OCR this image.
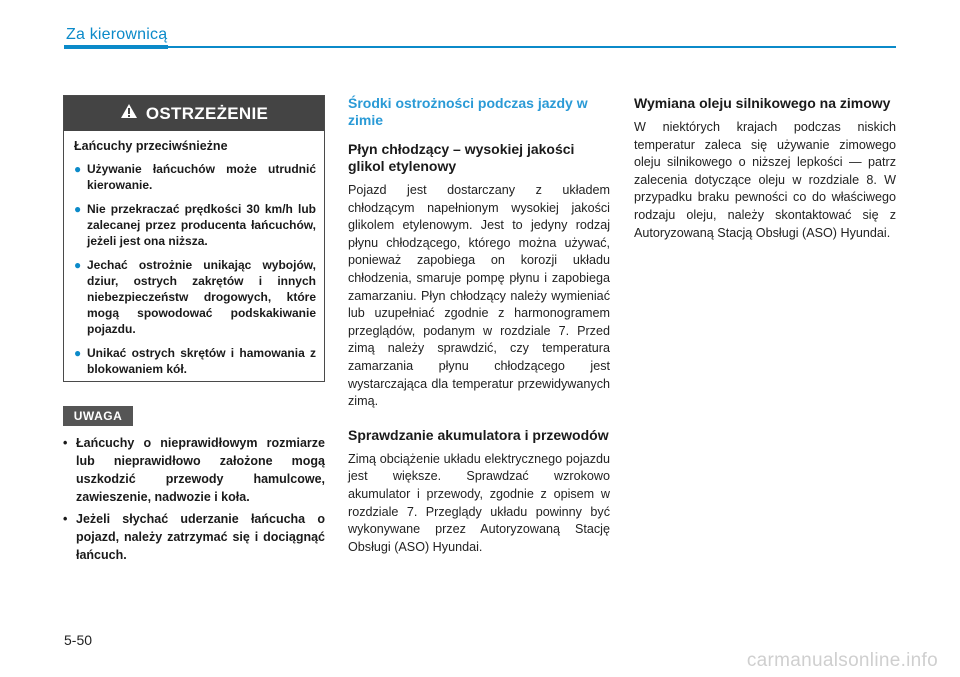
Za kierownicą
OSTRZEŻENIE

Łańcuchy przeciwśnieżne

● Używanie łańcuchów może utrudnić kierowanie.
● Nie przekraczać prędkości 30 km/h lub zalecanej przez producenta łańcuchów, jeżeli jest ona niższa.
● Jechać ostrożnie unikając wybojów, dziur, ostrych zakrętów i innych niebezpieczeństw drogowych, które mogą spowodować podskakiwanie pojazdu.
● Unikać ostrych skrętów i hamowania z blokowaniem kół.
UWAGA
• Łańcuchy o nieprawidłowym rozmiarze lub nieprawidłowo założone mogą uszkodzić przewody hamulcowe, zawieszenie, nadwozie i koła.
• Jeżeli słychać uderzanie łańcucha o pojazd, należy zatrzymać się i dociągnąć łańcuch.
Środki ostrożności podczas jazdy w zimie
Płyn chłodzący – wysokiej jakości glikol etylenowy

Pojazd jest dostarczany z układem chłodzącym napełnionym wysokiej jakości glikolem etylenowym. Jest to jedyny rodzaj płynu chłodzącego, którego można używać, ponieważ zapobiega on korozji układu chłodzenia, smaruje pompę płynu i zapobiega zamarzaniu. Płyn chłodzący należy wymieniać lub uzupełniać zgodnie z harmonogramem przeglądów, podanym w rozdziale 7. Przed zimą należy sprawdzić, czy temperatura zamarzania płynu chłodzącego jest wystarczająca dla temperatur przewidywanych zimą.

Sprawdzanie akumulatora i przewodów

Zimą obciążenie układu elektrycznego pojazdu jest większe. Sprawdzać wzrokowo akumulator i przewody, zgodnie z opisem w rozdziale 7. Przeglądy układu powinny być wykonywane przez Autoryzowaną Stację Obsługi (ASO) Hyundai.

Wymiana oleju silnikowego na zimowy

W niektórych krajach podczas niskich temperatur zaleca się używanie zimowego oleju silnikowego o niższej lepkości — patrz zalecenia dotyczące oleju w rozdziale 8. W przypadku braku pewności co do właściwego rodzaju oleju, należy skontaktować się z Autoryzowaną Stacją Obsługi (ASO) Hyundai.

5-50
carmanualsonline.info
